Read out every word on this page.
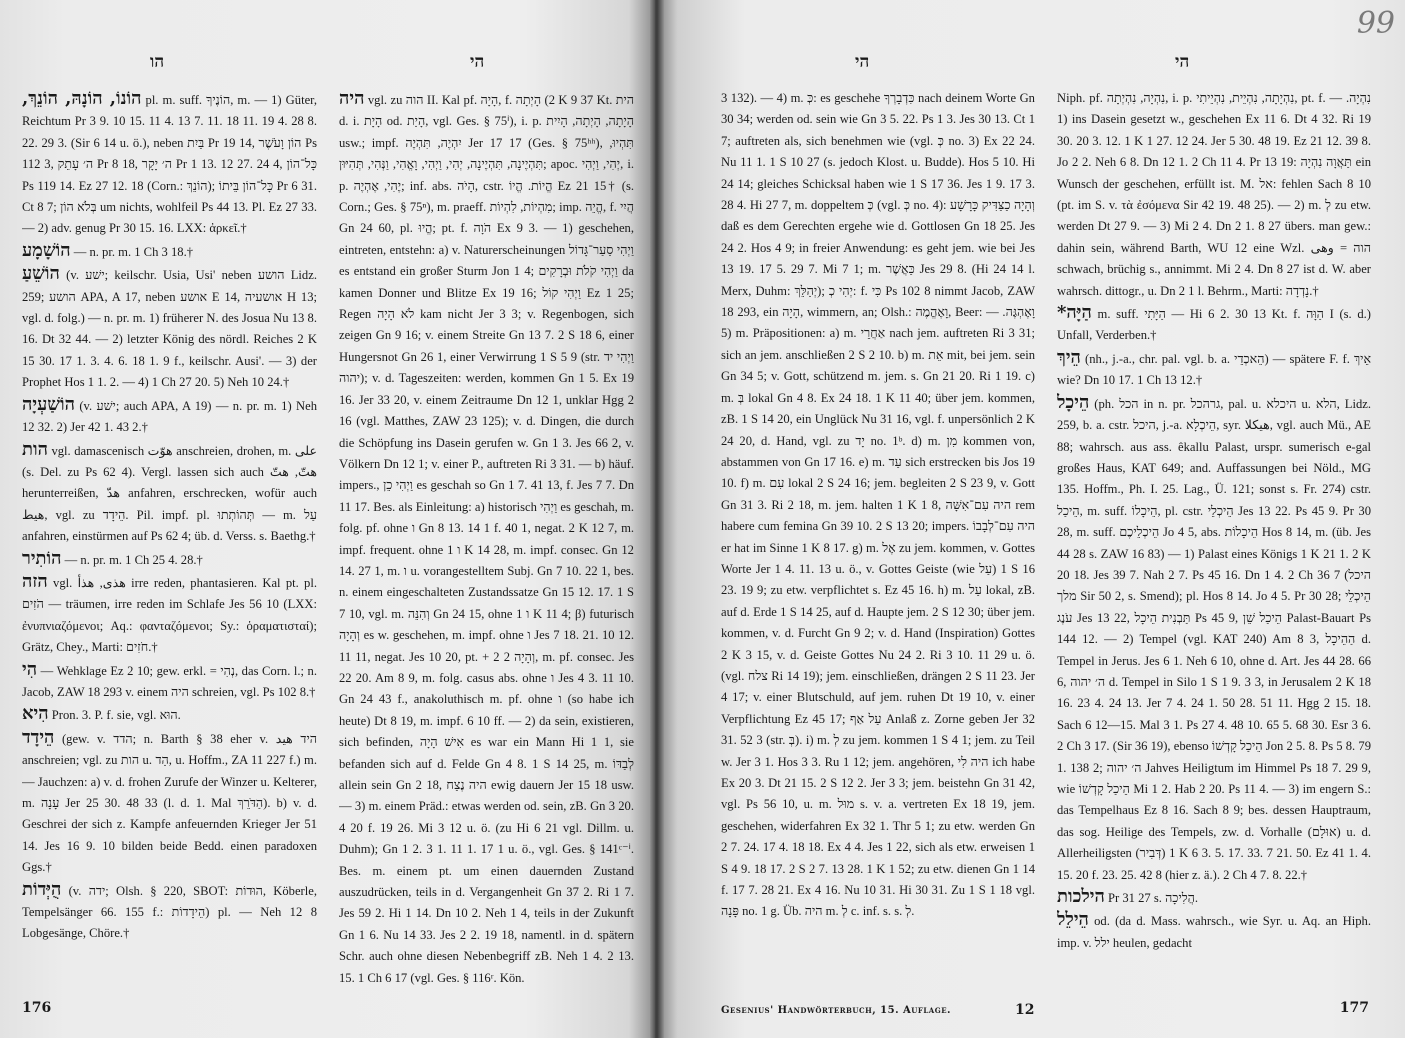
הו	הי

הוֹנוֹ, הוֹנָהּ, הוֹנֵךְ, pl. m. suff. הוֹנֶיךָ, m. — 1) Güter, Reichtum Pr 3 9. 10 15. 11 4. 13 7. 11. 18 11. 19 4. 28 8. 22. 29 3. (Sir 6 14 u. ö.), neben בַּיִת Pr 19 14, הוֹן וָעֹשֶׁר Ps 112 3, ה׳ עָתֵק Pr 8 18, ה׳ יָקָר Pr 1 13. 12 27. 24 4, כָּל־הוֹן Ps 119 14. Ez 27 12. 18 (Corn.: הוֹנֵךְ); כָּל־הוֹן בֵּיתוֹ Pr 6 31. Ct 8 7; בְּלֹא הוֹן um nichts, wohlfeil Ps 44 13. Pl. Ez 27 33. — 2) adv. genug Pr 30 15. 16. LXX: ἀρκεῖ.†

הוֹשָׁמָע — n. pr. m. 1 Ch 3 18.†

הוֹשֵׁעַ (v. ישׁע; keilschr. Usia, Usi' neben הושע Lidz. 259; הושע APA, A 17, neben אושע E 14, אושעיה H 13; vgl. d. folg.) — n. pr. m. 1) früherer N. des Josua Nu 13 8. 16. Dt 32 44. — 2) letzter König des nördl. Reiches 2 K 15 30. 17 1. 3. 4. 6. 18 1. 9 f., keilschr. Ausi'. — 3) der Prophet Hos 1 1. 2. — 4) 1 Ch 27 20. 5) Neh 10 24.†

הוֹשַׁעְיָה (v. ישׁע; auch APA, A 19) — n. pr. m. 1) Neh 12 32. 2) Jer 42 1. 43 2.†

הות vgl. damascenisch هوّت anschreien, drohen, m. على (s. Del. zu Ps 62 4). Vergl. lassen sich auch هتّ, هتّ herunterreißen, هدّ anfahren, erschrecken, wofür auch هيط, vgl. zu הֵידָד. Pil. impf. pl. תְּהוֹתְתוּ — m. עַל anfahren, einstürmen auf Ps 62 4; üb. d. Verss. s. Baethg.†

הוֹתִיר — n. pr. m. 1 Ch 25 4. 28.†

הזה vgl. هذى, هذأ irre reden, phantasieren. Kal pt. pl. הֹזִים — träumen, irre reden im Schlafe Jes 56 10 (LXX: ἐνυπνιαζόμενοι; Aq.: φανταζόμενοι; Sy.: ὁραματισταί); Grätz, Chey., Marti: חֹזִים.†

הִי — Wehklage Ez 2 10; gew. erkl. = נְהִי, das Corn. l.; n. Jacob, ZAW 18 293 v. einem היה schreien, vgl. Ps 102 8.†

הִיא Pron. 3. P. f. sie, vgl. הוּא.

הֵידָד (gew. v. הדד; n. Barth § 38 eher v. היד هيد anschreien; vgl. zu הות u. הַד, u. Hoffm., ZA 11 227 f.) m. — Jauchzen: a) v. d. frohen Zurufe der Winzer u. Kelterer, m. עָנָה Jer 25 30. 48 33 (l. d. 1. Mal הַדֹּרֵךְ). b) v. d. Geschrei der sich z. Kampfe anfeuernden Krieger Jer 51 14. Jes 16 9. 10 bilden beide Bedd. einen paradoxen Ggs.†

הֻיְּדוֹת (v. ידה; Olsh. § 220, SBOT: הוּדוֹת, Köberle, Tempelsänger 66. 155 f.: הֵידָדוֹת) pl. — Neh 12 8 Lobgesänge, Chöre.†

היה vgl. zu הוה II. Kal pf. הָיָה, f. הָיְתָה (2 K 9 37 Kt. הית d. i. הָיָת od. הָיַת, vgl. Ges. § 75ⁱ), i. p. הָיָתָה, הָיְתָה, הָיִית usw.; impf. יִהְיֶה, תִּהְיֶה Jer 17 17 (Ges. § 75ʰʰ), תִּהְיוּ, תִּהְיֶינָה, תִּהְיֶינָה, יְהִי, וַיְהִי, וָאֱהִי, וַנְּהִי, תְּהִיּוּן; apoc. יְהִי, וַיְהִי, i. p. יֶהִי, אֶהְיֶה; inf. abs. הָיֹה, cstr. הֱיוֹת. הֱיוֹ Ez 21 15† (s. Corn.; Ges. § 75ⁿ), m. praeff. מִהְיוֹת, לִהְיוֹת; imp. הֱיֵה, f. הֲיִי Gn 24 60, pl. הֱיוּ; pt. f. הֹוָה Ex 9 3. — 1) geschehen, eintreten, entstehn: a) v. Naturerscheinungen וַיְהִי סַעַר־גָּדוֹל es entstand ein großer Sturm Jon 1 4; וַיְהִי קֹלֹת וּבְרָקִים da kamen Donner und Blitze Ex 19 16; וַיְהִי קוֹל Ez 1 25; Regen לֹא הָיָה kam nicht Jer 3 3; v. Regenbogen, sich zeigen Gn 9 16; v. einem Streite Gn 13 7. 2 S 18 6, einer Hungersnot Gn 26 1, einer Verwirrung 1 S 5 9 (str. וַיְהִי יד יהוה); v. d. Tageszeiten: werden, kommen Gn 1 5. Ex 19 16. Jer 33 20, v. einem Zeitraume Dn 12 1, unklar Hgg 2 16 (vgl. Matthes, ZAW 23 125); v. d. Dingen, die durch die Schöpfung ins Dasein gerufen w. Gn 1 3. Jes 66 2, v. Völkern Dn 12 1; v. einer P., auftreten Ri 3 31. — b) häuf. impers., וַיְהִי כֵן es geschah so Gn 1 7. 41 13, f. Jes 7 7. Dn 11 17. Bes. als Einleitung: a) historisch וַיְהִי es geschah, m. folg. pf. ohne ו Gn 8 13. 14 1 f. 40 1, negat. 2 K 12 7, m. impf. frequent. ohne ו 1 K 14 28, m. impf. consec. Gn 12 14. 27 1, m. ו u. vorangestelltem Subj. Gn 7 10. 22 1, bes. n. einem eingeschalteten Zustandssatze Gn 15 12. 17. 1 S 7 10, vgl. m. וְהִנֵּה Gn 24 15, ohne ו 1 K 11 4; β) futurisch וְהָיָה es w. geschehen, m. impf. ohne ו Jes 7 18. 21. 10 12. 11 11, negat. Jes 10 20, pt. + וְהָיָה 2 2, m. pf. consec. Jes 22 20. Am 8 9, m. folg. casus abs. ohne ו Jes 4 3. 11 10. Gn 24 43 f., anakoluthisch m. pf. ohne ו (so habe ich heute) Dt 8 19, m. impf. 6 10 ff. — 2) da sein, existieren, sich befinden, אִישׁ הָיָה es war ein Mann Hi 1 1, sie befanden sich auf d. Felde Gn 4 8. 1 S 14 25, m. לְבַדּוֹ allein sein Gn 2 18, היה נֶצַח ewig dauern Jer 15 18 usw. — 3) m. einem Präd.: etwas werden od. sein, zB. Gn 3 20. 4 20 f. 19 26. Mi 3 12 u. ö. (zu Hi 6 21 vgl. Dillm. u. Duhm); Gn 1 2. 3 1. 11 1. 17 1 u. ö., vgl. Ges. § 141ᶜ⁻ⁱ. Bes. m. einem pt. um einen dauernden Zustand auszudrücken, teils in d. Vergangenheit Gn 37 2. Ri 1 7. Jes 59 2. Hi 1 14. Dn 10 2. Neh 1 4, teils in der Zukunft Gn 1 6. Nu 14 33. Jes 2 2. 19 18, namentl. in d. spätern Schr. auch ohne diesen Nebenbegriff zB. Neh 1 4. 2 13. 15. 1 Ch 6 17 (vgl. Ges. § 116ʳ. Kön.

176
99
הי	הי

3 132). — 4) m. כְּ: es geschehe כִּדְבָרְךָ nach deinem Worte Gn 30 34; werden od. sein wie Gn 3 5. 22. Ps 1 3. Jes 30 13. Ct 1 7; auftreten als, sich benehmen wie (vgl. כְּ no. 3) Ex 22 24. Nu 11 1. 1 S 10 27 (s. jedoch Klost. u. Budde). Hos 5 10. Hi 24 14; gleiches Schicksal haben wie 1 S 17 36. Jes 1 9. 17 3. 28 4. Hi 27 7, m. doppeltem כְּ (vgl. כְּ no. 4): וְהָיָה כַצַּדִּיק כָּרָשָׁע daß es dem Gerechten ergehe wie d. Gottlosen Gn 18 25. Jes 24 2. Hos 4 9; in freier Anwendung: es geht jem. wie bei Jes 13 19. 17 5. 29 7. Mi 7 1; m. כַּאֲשֶׁר Jes 29 8. (Hi 24 14 l. Merx, Duhm: יְהַלֵּךְ); יְהִי כְ: f. כִּי Ps 102 8 nimmt Jacob, ZAW 18 293, ein הָיָה, wimmern, an; Olsh.: וָאֶהֱמֶה, Beer: וָאֶהְגֶּה. — 5) m. Präpositionen: a) m. אַחֲרֵי nach jem. auftreten Ri 3 31; sich an jem. anschließen 2 S 2 10. b) m. אֵת mit, bei jem. sein Gn 34 5; v. Gott, schützend m. jem. s. Gn 21 20. Ri 1 19. c) m. בְּ lokal Gn 4 8. Ex 24 18. 1 K 11 40; über jem. kommen, zB. 1 S 14 20, ein Unglück Nu 31 16, vgl. f. unpersönlich 2 K 24 20, d. Hand, vgl. zu יָד no. 1ᵇ. d) m. מִן kommen von, abstammen von Gn 17 16. e) m. עַד sich erstrecken bis Jos 19 10. f) m. עִם lokal 2 S 24 16; jem. begleiten 2 S 23 9, v. Gott Gn 31 3. Ri 2 18, m. jem. halten 1 K 1 8, היה עִם־אִשָּׁה rem habere cum femina Gn 39 10. 2 S 13 20; impers. היה עִם־לְבָבוֹ er hat im Sinne 1 K 8 17. g) m. אֶל zu jem. kommen, v. Gottes Worte Jer 1 4. 11. 13 u. ö., v. Gottes Geiste (wie עַל) 1 S 16 23. 19 9; zu etw. verpflichtet s. Ez 45 16. h) m. עַל lokal, zB. auf d. Erde 1 S 14 25, auf d. Haupte jem. 2 S 12 30; über jem. kommen, v. d. Furcht Gn 9 2; v. d. Hand (Inspiration) Gottes 2 K 3 15, v. d. Geiste Gottes Nu 24 2. Ri 3 10. 11 29 u. ö. (vgl. צלח Ri 14 19); jem. einschließen, drängen 2 S 11 23. Jer 4 17; v. einer Blutschuld, auf jem. ruhen Dt 19 10, v. einer Verpflichtung Ez 45 17; עַל אַף Anlaß z. Zorne geben Jer 32 31. 52 3 (str. בְּ). i) m. לְ zu jem. kommen 1 S 4 1; jem. zu Teil w. Jer 3 1. Hos 3 3. Ru 1 12; jem. angehören, היה לִי ich habe Ex 20 3. Dt 21 15. 2 S 12 2. Jer 3 3; jem. beistehn Gn 31 42, vgl. Ps 56 10, u. m. מוּל s. v. a. vertreten Ex 18 19, jem. geschehen, widerfahren Ex 32 1. Thr 5 1; zu etw. werden Gn 2 7. 24. 17 4. 18 18. Ex 4 4. Jes 1 22, sich als etw. erweisen 1 S 4 9. 18 17. 2 S 2 7. 13 28. 1 K 1 52; zu etw. dienen Gn 1 14 f. 17 7. 28 21. Ex 4 16. Nu 10 31. Hi 30 31. Zu 1 S 1 18 vgl. פָּנָה no. 1 g. Üb. היה m. לְ c. inf. s. s. לְ.

Niph. pf. נִהְיָה, נִהְיְתָה, i. p. נִהְיָתָה, נִהְיֵית, נִהְיֵיתִי, pt. f. נִהְיָה. — 1) ins Dasein gesetzt w., geschehen Ex 11 6. Dt 4 32. Ri 19 30. 20 3. 12. 1 K 1 27. 12 24. Jer 5 30. 48 19. Ez 21 12. 39 8. Jo 2 2. Neh 6 8. Dn 12 1. 2 Ch 11 4. Pr 13 19: תַּאֲוָה נִהְיָה ein Wunsch der geschehen, erfüllt ist. M. אל: fehlen Sach 8 10 (pt. im S. v. τὰ ἐσόμενα Sir 42 19. 48 25). — 2) m. לְ zu etw. werden Dt 27 9. — 3) Mi 2 4. Dn 2 1. 8 27 übers. man gew.: dahin sein, während Barth, WU 12 eine Wzl. הוה = وهى schwach, brüchig s., annimmt. Mi 2 4. Dn 8 27 ist d. W. aber wahrsch. dittogr., u. Dn 2 1 l. Behrm., Marti: נָדְדָה.†

הַיָּה* m. suff. הַיָּתִי — Hi 6 2. 30 13 Kt. f. הַוָּה I (s. d.) Unfall, Verderben.†

הֵיךְ (nh., j.-a., chr. pal. vgl. b. a. הֵאכְדֵי) — spätere F. f. אֵיךְ wie? Dn 10 17. 1 Ch 13 12.†

הֵיכָל (ph. הכל in n. pr. גרהכל, pal. u. היכלא u. הלא, Lidz. 259, b. a. cstr. היכל, j.-a. הֵיכְלָא, syr. هيكلا, vgl. auch Mü., AE 88; wahrsch. aus ass. êkallu Palast, urspr. sumerisch e-gal großes Haus, KAT 649; and. Auffassungen bei Nöld., MG 135. Hoffm., Ph. I. 25. Lag., Ü. 121; sonst s. Fr. 274) cstr. הֵיכַל, m. suff. הֵיכָלוֹ, pl. cstr. הֵיכְלֵי Jes 13 22. Ps 45 9. Pr 30 28, m. suff. הֵיכְלֵיכֶם Jo 4 5, abs. הֵיכָלוֹת Hos 8 14, m. (üb. Jes 44 28 s. ZAW 16 83) — 1) Palast eines Königs 1 K 21 1. 2 K 20 18. Jes 39 7. Nah 2 7. Ps 45 16. Dn 1 4. 2 Ch 36 7 (היכל מלך Sir 50 2, s. Smend); pl. Hos 8 14. Jo 4 5. Pr 30 28; הֵיכְלֵי עֹנֶג Jes 13 22, תַּבְנִית הֵיכָל Ps 45 9, הֵיכַל שֵׁן Palast-Bauart Ps 144 12. — 2) Tempel (vgl. KAT 240) Am 8 3, הַהֵיכָל d. Tempel in Jerus. Jes 6 1. Neh 6 10, ohne d. Art. Jes 44 28. 66 6, ה׳ יהוה d. Tempel in Silo 1 S 1 9. 3 3, in Jerusalem 2 K 18 16. 23 4. 24 13. Jer 7 4. 24 1. 50 28. 51 11. Hgg 2 15. 18. Sach 6 12—15. Mal 3 1. Ps 27 4. 48 10. 65 5. 68 30. Esr 3 6. 2 Ch 3 17. (Sir 36 19), ebenso הֵיכַל קָדְשׁוֹ Jon 2 5. 8. Ps 5 8. 79 1. 138 2; ה׳ יהוה Jahves Heiligtum im Himmel Ps 18 7. 29 9, wie הֵיכַל קָדְשׁוֹ Mi 1 2. Hab 2 20. Ps 11 4. — 3) im engern S.: das Tempelhaus Ez 8 16. Sach 8 9; bes. dessen Hauptraum, das sog. Heilige des Tempels, zw. d. Vorhalle (אוּלָם) u. d. Allerheiligsten (דְּבִיר) 1 K 6 3. 5. 17. 33. 7 21. 50. Ez 41 1. 4. 15. 20 f. 23. 25. 42 8 (hier z. ä.). 2 Ch 4 7. 8. 22.†

הילכות Pr 31 27 s. הֲלִיכָה.

הֵילֵל od. (da d. Mass. wahrsch., wie Syr. u. Aq. an Hiph. imp. v. ילל heulen, gedacht

Gesenius' Handwörterbuch, 15. Auflage.	12	177
